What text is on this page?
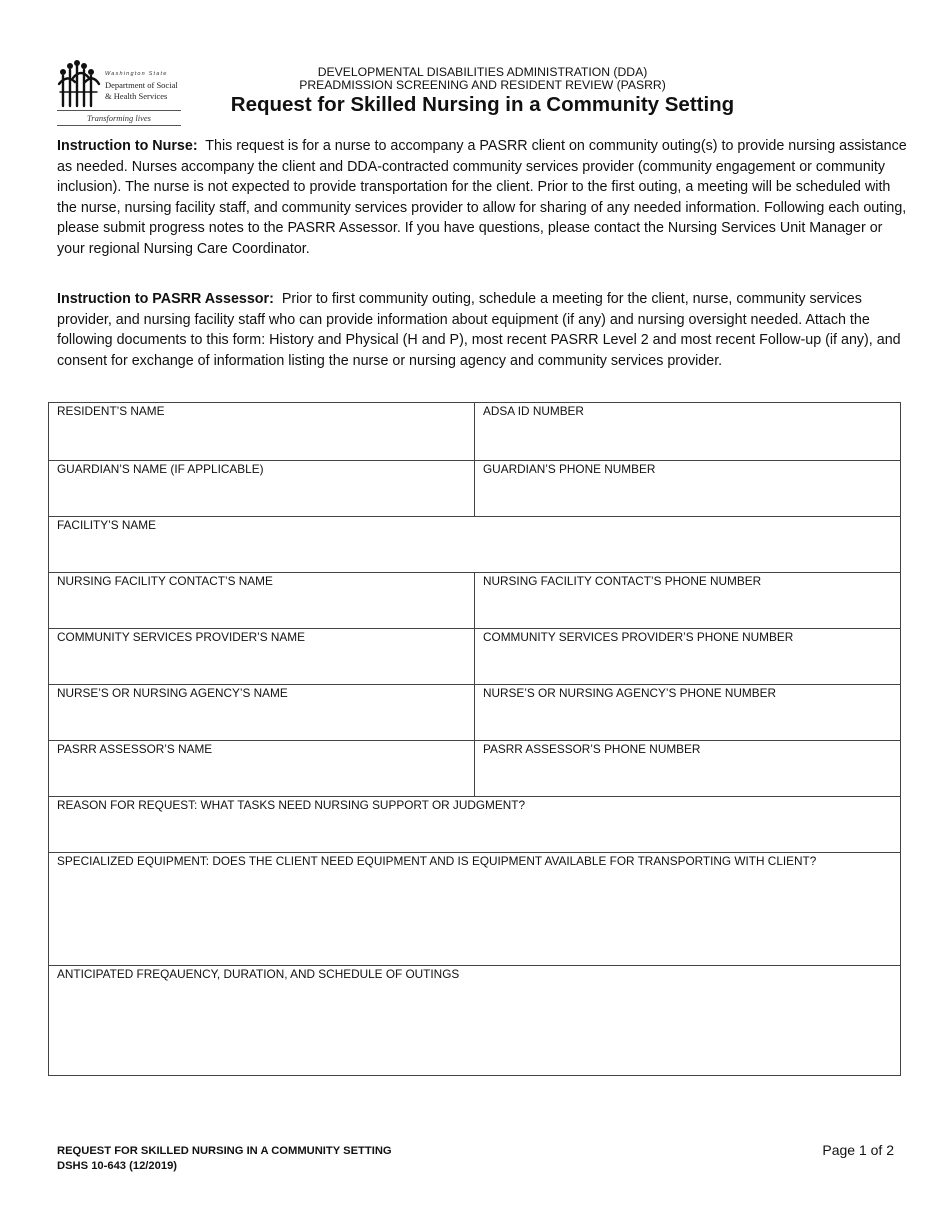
Washington State
Department of Social
& Health Services
Transforming lives
DEVELOPMENTAL DISABILITIES ADMINISTRATION (DDA)
PREADMISSION SCREENING AND RESIDENT REVIEW (PASRR)
Request for Skilled Nursing in a Community Setting

Instruction to Nurse: This request is for a nurse to accompany a PASRR client on community outing(s) to provide nursing assistance as needed. Nurses accompany the client and DDA-contracted community services provider (community engagement or community inclusion). The nurse is not expected to provide transportation for the client. Prior to the first outing, a meeting will be scheduled with the nurse, nursing facility staff, and community services provider to allow for sharing of any needed information. Following each outing, please submit progress notes to the PASRR Assessor. If you have questions, please contact the Nursing Services Unit Manager or your regional Nursing Care Coordinator.

Instruction to PASRR Assessor: Prior to first community outing, schedule a meeting for the client, nurse, community services provider, and nursing facility staff who can provide information about equipment (if any) and nursing oversight needed. Attach the following documents to this form: History and Physical (H and P), most recent PASRR Level 2 and most recent Follow-up (if any), and consent for exchange of information listing the nurse or nursing agency and community services provider.

RESIDENT’S NAME	ADSA ID NUMBER
GUARDIAN’S NAME (IF APPLICABLE)	GUARDIAN’S PHONE NUMBER
FACILITY’S NAME
NURSING FACILITY CONTACT’S NAME	NURSING FACILITY CONTACT’S PHONE NUMBER
COMMUNITY SERVICES PROVIDER’S NAME	COMMUNITY SERVICES PROVIDER’S PHONE NUMBER
NURSE’S OR NURSING AGENCY’S NAME	NURSE’S OR NURSING AGENCY’S PHONE NUMBER
PASRR ASSESSOR’S NAME	PASRR ASSESSOR’S PHONE NUMBER
REASON FOR REQUEST: WHAT TASKS NEED NURSING SUPPORT OR JUDGMENT?
SPECIALIZED EQUIPMENT: DOES THE CLIENT NEED EQUIPMENT AND IS EQUIPMENT AVAILABLE FOR TRANSPORTING WITH CLIENT?
ANTICIPATED FREQAUENCY, DURATION, AND SCHEDULE OF OUTINGS
REQUEST FOR SKILLED NURSING IN A COMMUNITY SETTING
DSHS 10-643 (12/2019)
Page 1 of 2
